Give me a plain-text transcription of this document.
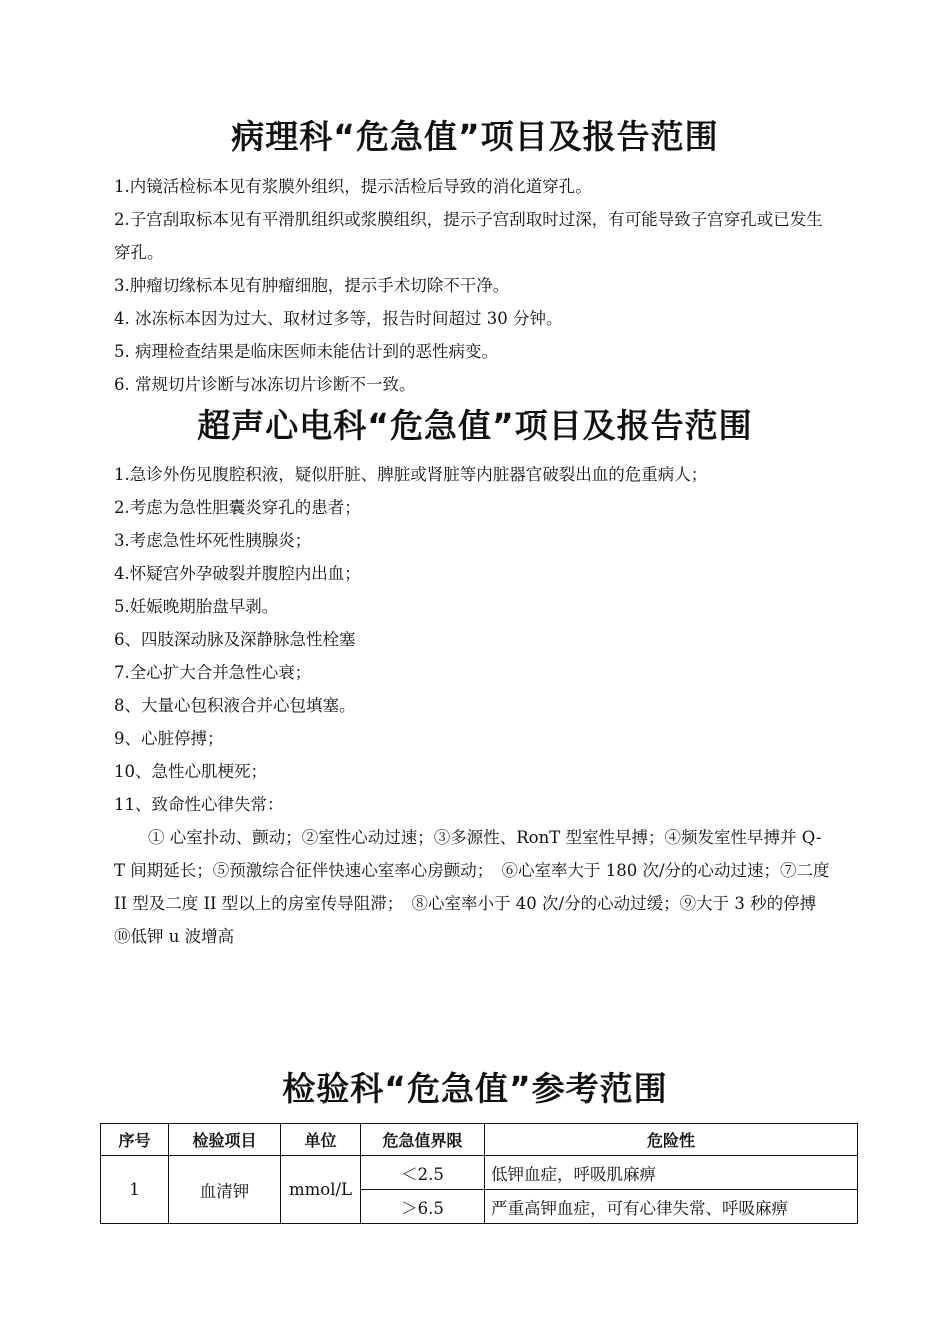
病理科“危急值”项目及报告范围

1.内镜活检标本见有浆膜外组织，提示活检后导致的消化道穿孔。

2.子宫刮取标本见有平滑肌组织或浆膜组织，提示子宫刮取时过深，有可能导致子宫穿孔或已发生穿孔。

3.肿瘤切缘标本见有肿瘤细胞，提示手术切除不干净。

4. 冰冻标本因为过大、取材过多等，报告时间超过 30 分钟。

5. 病理检查结果是临床医师未能估计到的恶性病变。

6. 常规切片诊断与冰冻切片诊断不一致。

超声心电科“危急值”项目及报告范围

1.急诊外伤见腹腔积液，疑似肝脏、脾脏或肾脏等内脏器官破裂出血的危重病人；

2.考虑为急性胆囊炎穿孔的患者；

3.考虑急性坏死性胰腺炎；

4.怀疑宫外孕破裂并腹腔内出血；

5.妊娠晚期胎盘早剥。

6、四肢深动脉及深静脉急性栓塞

7.全心扩大合并急性心衰；

8、大量心包积液合并心包填塞。

9、心脏停搏；

10、急性心肌梗死；

11、致命性心律失常：

① 心室扑动、颤动；②室性心动过速；③多源性、RonT 型室性早搏；④频发室性早搏并 Q-T 间期延长；⑤预激综合征伴快速心室率心房颤动；　⑥心室率大于 180 次/分的心动过速；⑦二度 II 型及二度 II 型以上的房室传导阻滞；　⑧心室率小于 40 次/分的心动过缓；⑨大于 3 秒的停搏⑩低钾 u 波增高

检验科“危急值”参考范围
序号	检验项目	单位	危急值界限	危险性
1	血清钾	mmol/L	＜2.5	低钾血症，呼吸肌麻痹
			＞6.5	严重高钾血症，可有心律失常、呼吸麻痹
